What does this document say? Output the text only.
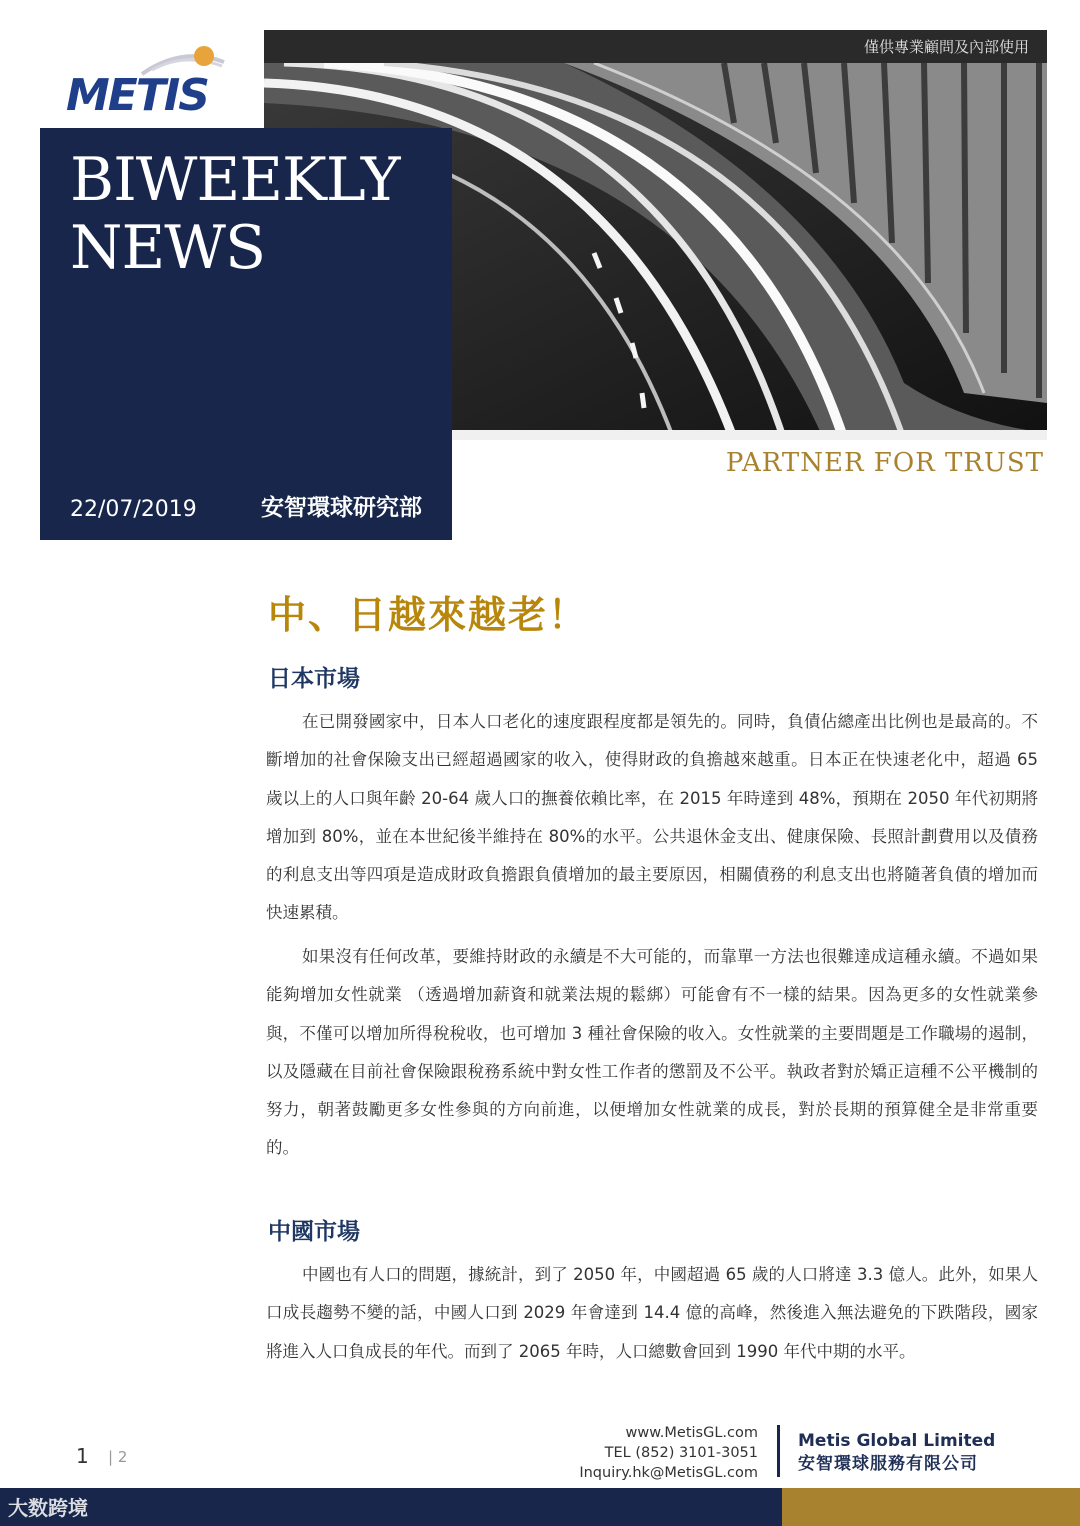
METIS
僅供專業顧問及內部使用
BIWEEKLY
NEWS
22/07/2019	安智環球研究部
PARTNER FOR TRUST
中、日越來越老！
日本市場

在已開發國家中，日本人口老化的速度跟程度都是領先的。同時，負債佔總產出比例也是最高的。不斷增加的社會保險支出已經超過國家的收入，使得財政的負擔越來越重。日本正在快速老化中，超過 65 歲以上的人口與年齡 20-64 歲人口的撫養依賴比率，在 2015 年時達到 48%，預期在 2050 年代初期將增加到 80%，並在本世紀後半維持在 80%的水平。公共退休金支出、健康保險、長照計劃費用以及債務的利息支出等四項是造成財政負擔跟負債增加的最主要原因，相關債務的利息支出也將隨著負債的增加而快速累積。

如果沒有任何改革，要維持財政的永續是不大可能的，而靠單一方法也很難達成這種永續。不過如果能夠增加女性就業 （透過增加薪資和就業法規的鬆綁）可能會有不一樣的結果。因為更多的女性就業參與，不僅可以增加所得稅稅收，也可增加 3 種社會保險的收入。女性就業的主要問題是工作職場的遏制，以及隱藏在目前社會保險跟稅務系統中對女性工作者的懲罰及不公平。執政者對於矯正這種不公平機制的努力，朝著鼓勵更多女性參與的方向前進，以便增加女性就業的成長，對於長期的預算健全是非常重要的。

中國市場

中國也有人口的問題，據統計，到了 2050 年，中國超過 65 歲的人口將達 3.3 億人。此外，如果人口成長趨勢不變的話，中國人口到 2029 年會達到 14.4 億的高峰，然後進入無法避免的下跌階段，國家將進入人口負成長的年代。而到了 2065 年時，人口總數會回到 1990 年代中期的水平。

1 | 2
www.MetisGL.com
TEL (852) 3101-3051
Inquiry.hk@MetisGL.com
Metis Global Limited
安智環球服務有限公司
大数跨境
